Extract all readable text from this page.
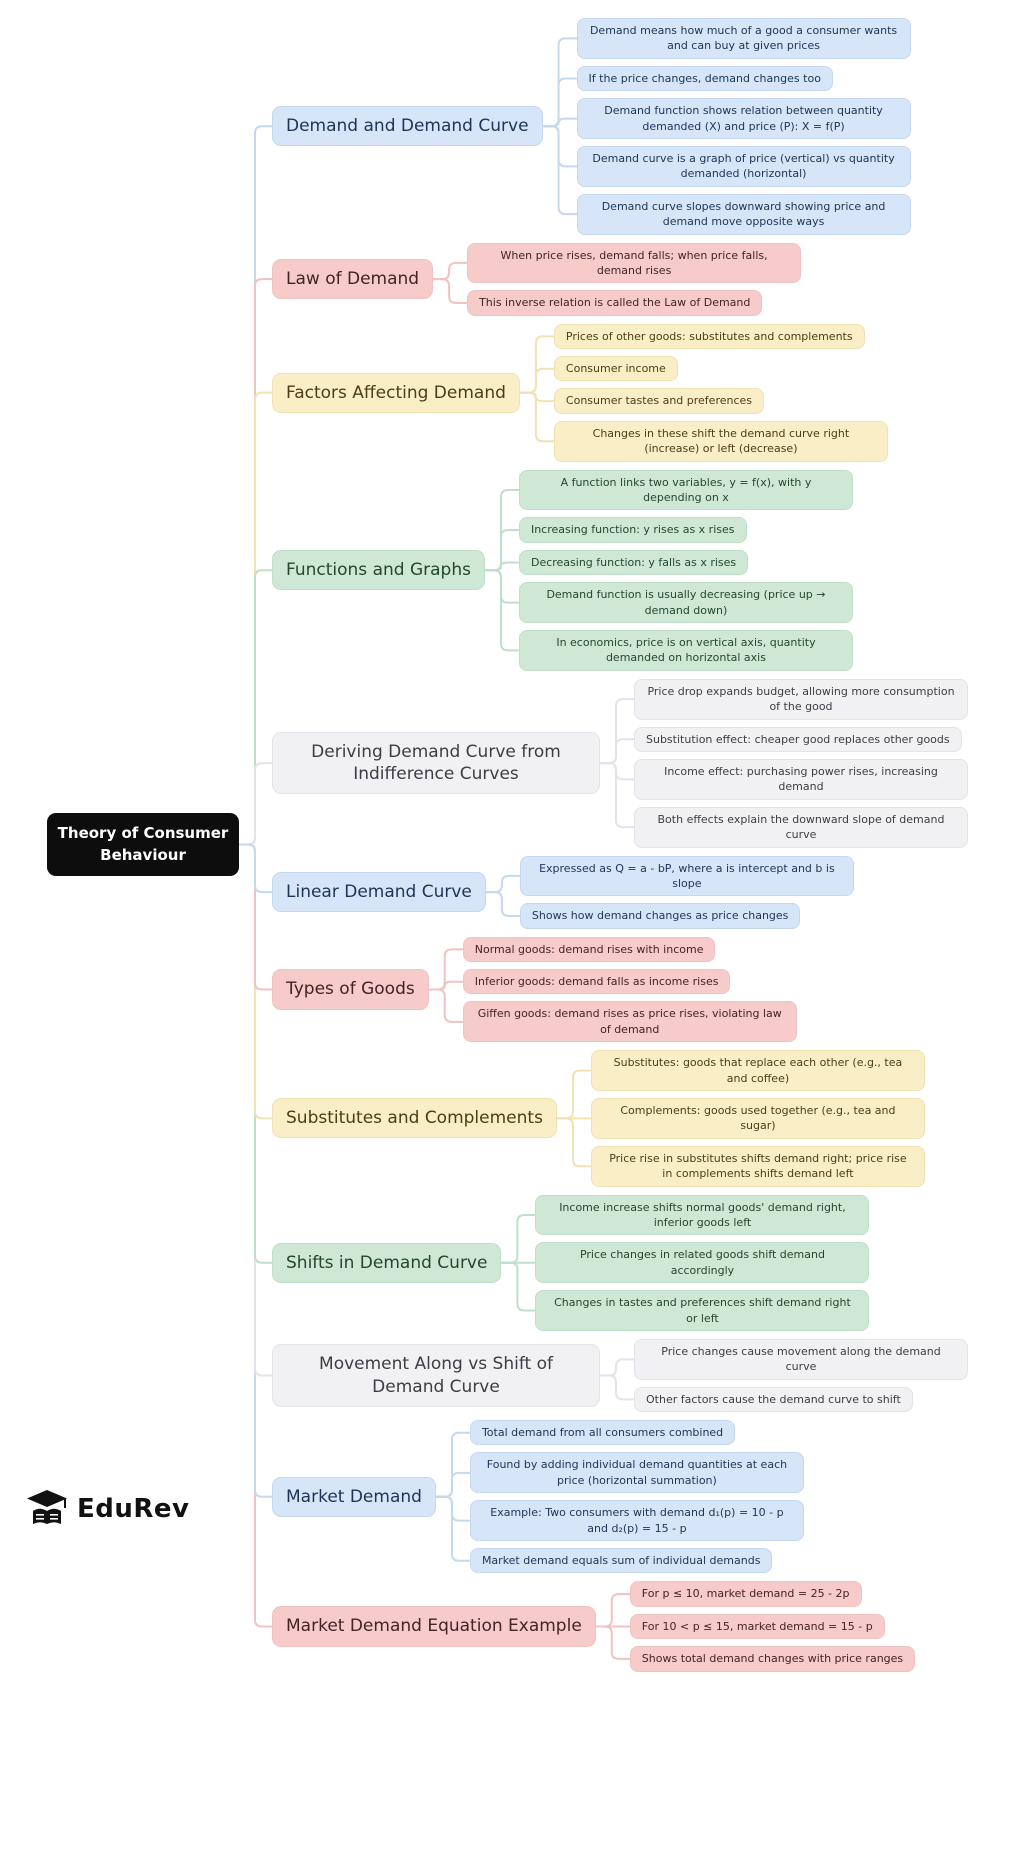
Theory of Consumer Behaviour
Demand and Demand Curve
Demand means how much of a good a consumer wants and can buy at given prices
If the price changes, demand changes too
Demand function shows relation between quantity demanded (X) and price (P): X = f(P)
Demand curve is a graph of price (vertical) vs quantity demanded (horizontal)
Demand curve slopes downward showing price and demand move opposite ways
Law of Demand
When price rises, demand falls; when price falls, demand rises
This inverse relation is called the Law of Demand
Factors Affecting Demand
Prices of other goods: substitutes and complements
Consumer income
Consumer tastes and preferences
Changes in these shift the demand curve right (increase) or left (decrease)
Functions and Graphs
A function links two variables, y = f(x), with y depending on x
Increasing function: y rises as x rises
Decreasing function: y falls as x rises
Demand function is usually decreasing (price up → demand down)
In economics, price is on vertical axis, quantity demanded on horizontal axis
Deriving Demand Curve from Indifference Curves
Price drop expands budget, allowing more consumption of the good
Substitution effect: cheaper good replaces other goods
Income effect: purchasing power rises, increasing demand
Both effects explain the downward slope of demand curve
Linear Demand Curve
Expressed as Q = a - bP, where a is intercept and b is slope
Shows how demand changes as price changes
Types of Goods
Normal goods: demand rises with income
Inferior goods: demand falls as income rises
Giffen goods: demand rises as price rises, violating law of demand
Substitutes and Complements
Substitutes: goods that replace each other (e.g., tea and coffee)
Complements: goods used together (e.g., tea and sugar)
Price rise in substitutes shifts demand right; price rise in complements shifts demand left
Shifts in Demand Curve
Income increase shifts normal goods' demand right, inferior goods left
Price changes in related goods shift demand accordingly
Changes in tastes and preferences shift demand right or left
Movement Along vs Shift of Demand Curve
Price changes cause movement along the demand curve
Other factors cause the demand curve to shift
Market Demand
Total demand from all consumers combined
Found by adding individual demand quantities at each price (horizontal summation)
Example: Two consumers with demand d₁(p) = 10 - p and d₂(p) = 15 - p
Market demand equals sum of individual demands
Market Demand Equation Example
For p ≤ 10, market demand = 25 - 2p
For 10 < p ≤ 15, market demand = 15 - p
Shows total demand changes with price ranges
EduRev
